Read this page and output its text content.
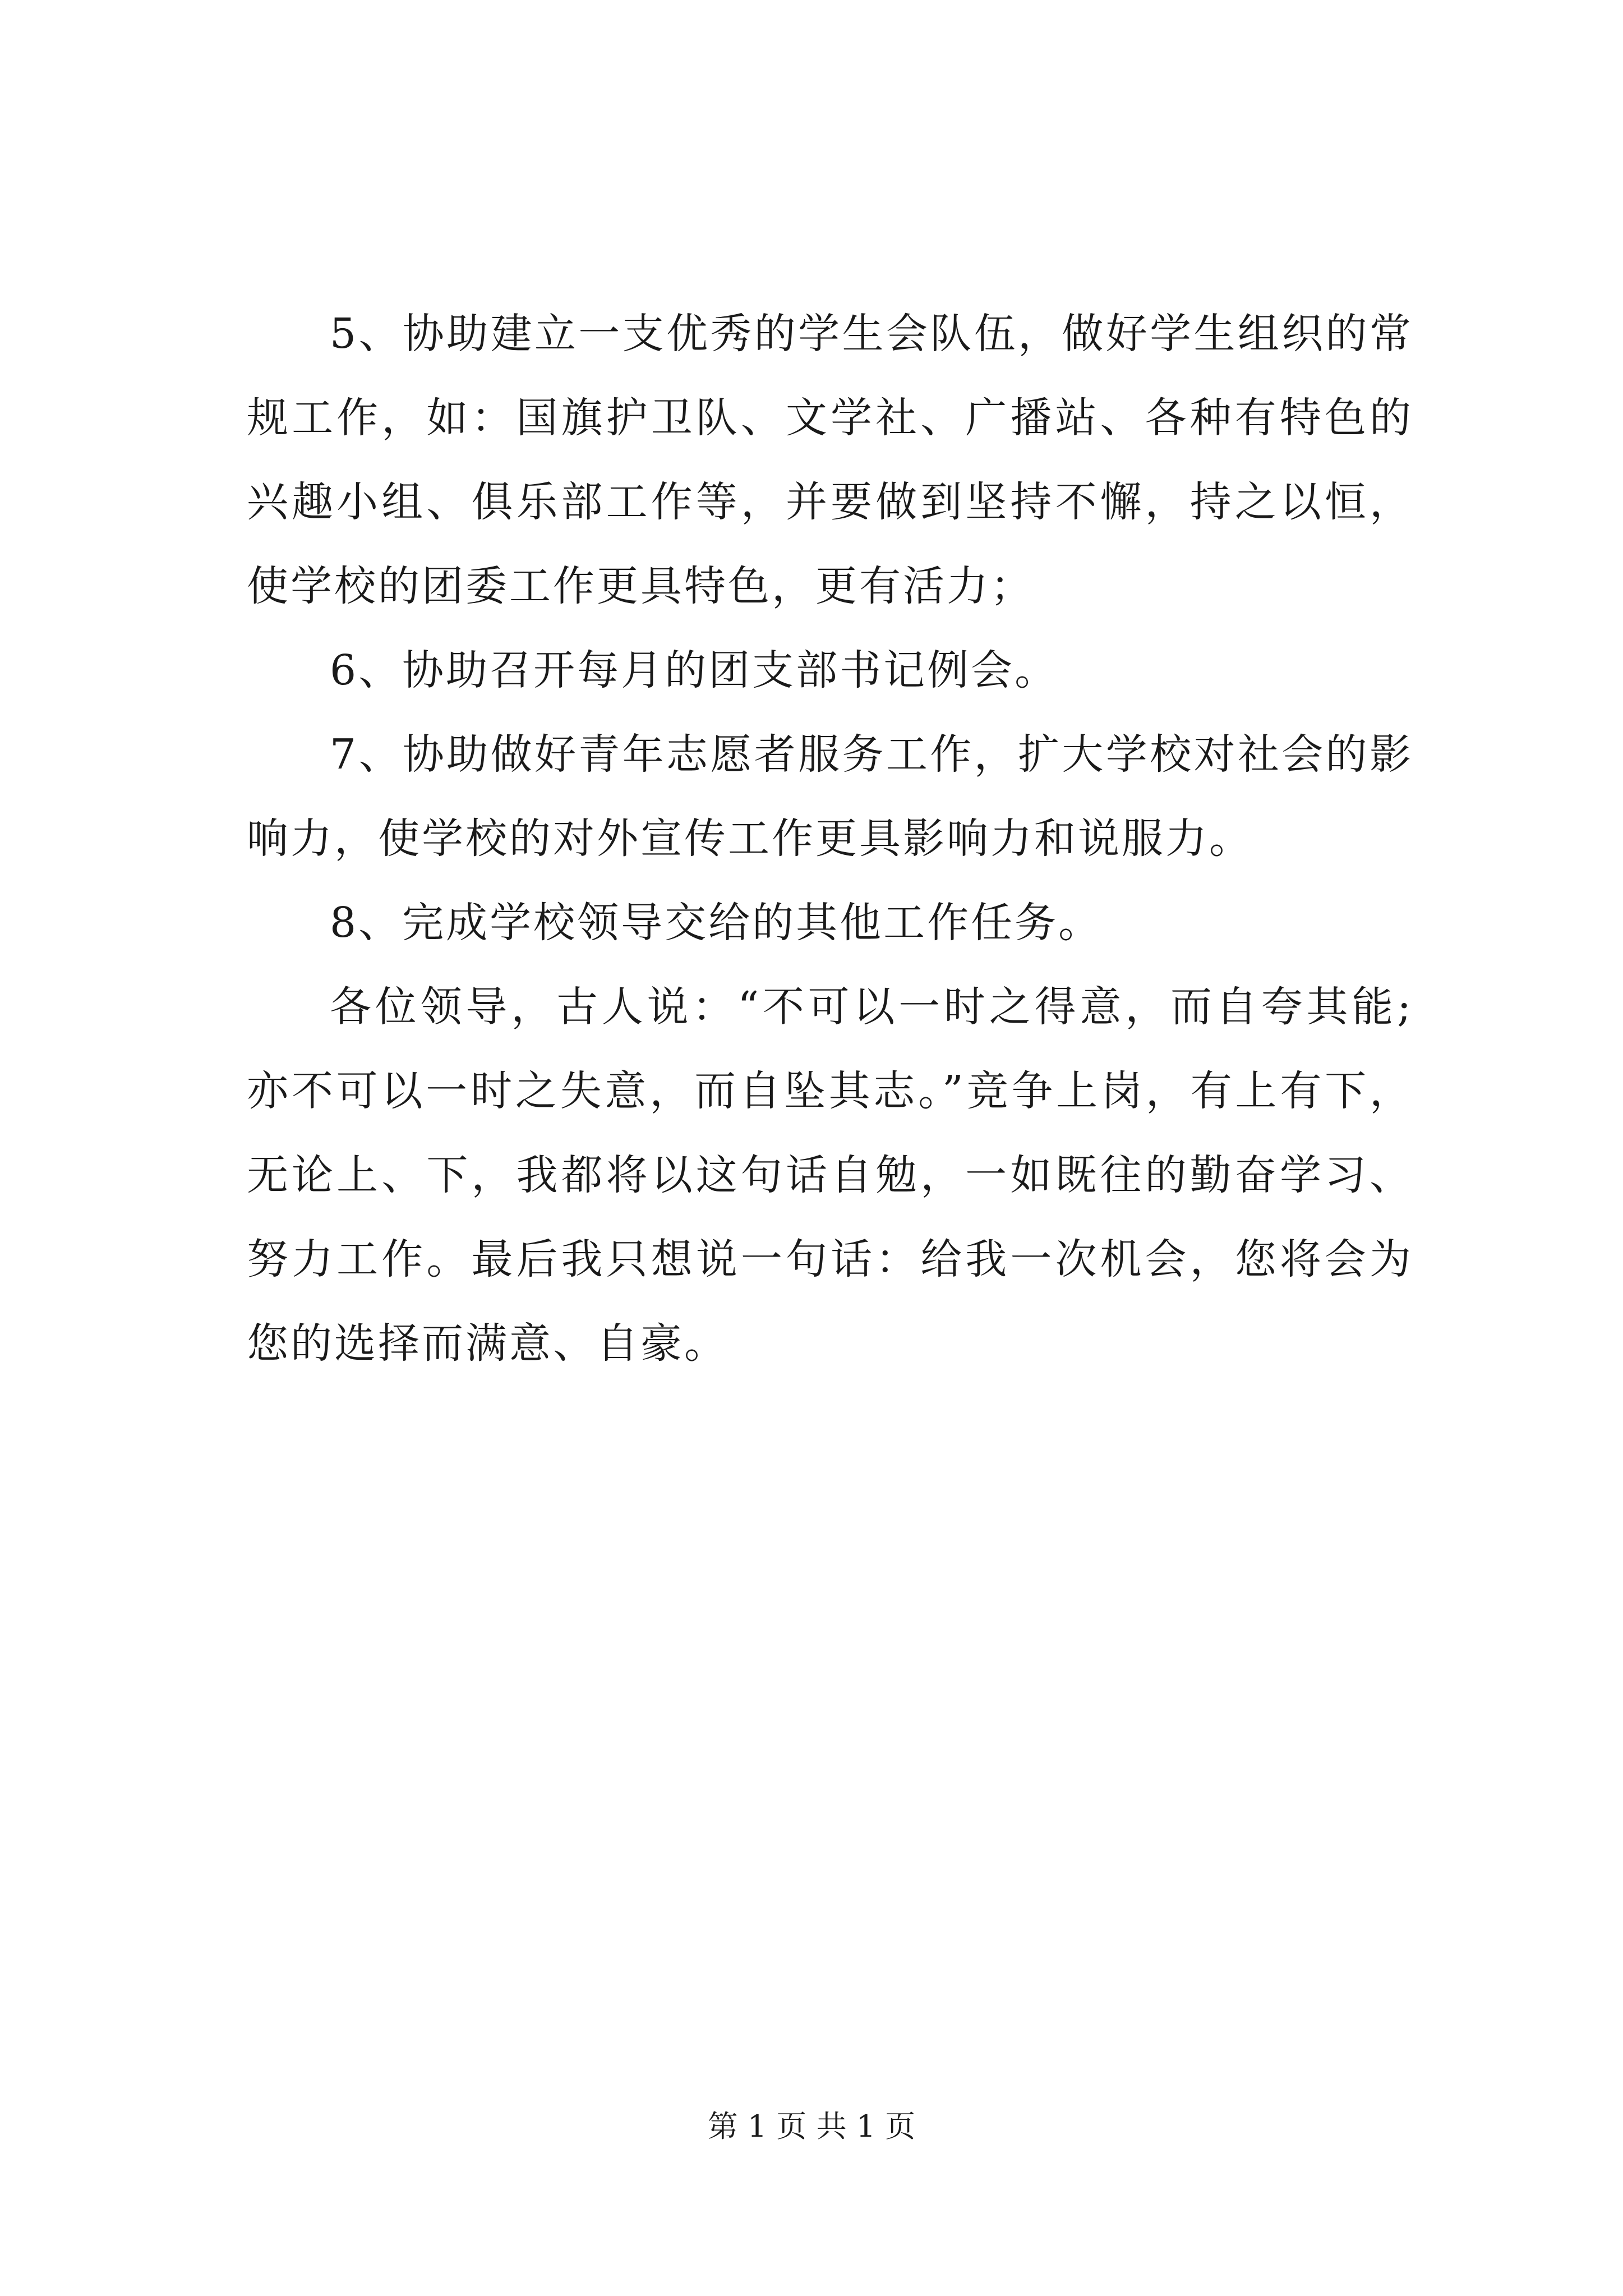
5、协助建立一支优秀的学生会队伍，做好学生组织的常规工作，如：国旗护卫队、文学社、广播站、各种有特色的兴趣小组、俱乐部工作等，并要做到坚持不懈，持之以恒，使学校的团委工作更具特色，更有活力；

6、协助召开每月的团支部书记例会。

7、协助做好青年志愿者服务工作，扩大学校对社会的影响力，使学校的对外宣传工作更具影响力和说服力。

8、完成学校领导交给的其他工作任务。

各位领导，古人说：“不可以一时之得意，而自夸其能;亦不可以一时之失意，而自坠其志。”竞争上岗，有上有下，无论上、下，我都将以这句话自勉，一如既往的勤奋学习、努力工作。最后我只想说一句话：给我一次机会，您将会为您的选择而满意、自豪。

第 1 页 共 1 页
